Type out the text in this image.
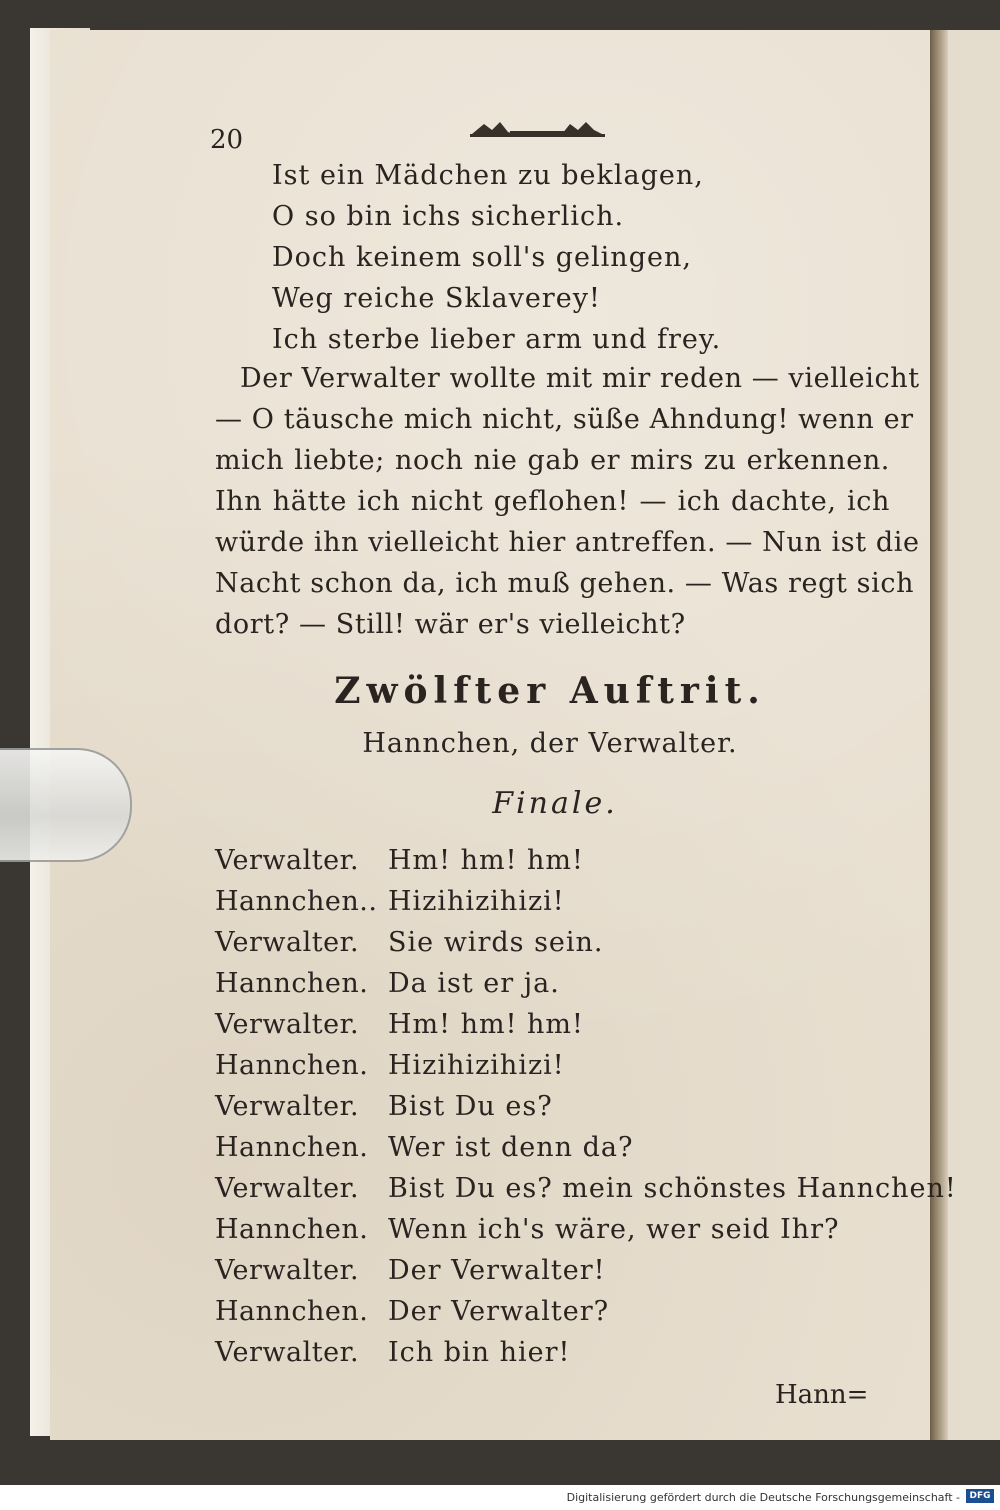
20
Ist ein Mädchen zu beklagen,
O so bin ichs sicherlich.
Doch keinem soll's gelingen,
Weg reiche Sklaverey!
Ich sterbe lieber arm und frey.
Der Verwalter wollte mit mir reden — vielleicht
— O täusche mich nicht, süße Ahndung! wenn er
mich liebte; noch nie gab er mirs zu erkennen.
Ihn hätte ich nicht geflohen! — ich dachte, ich
würde ihn vielleicht hier antreffen. — Nun ist die
Nacht schon da, ich muß gehen. — Was regt sich
dort? — Still! wär er's vielleicht?
Zwölfter Auftrit.
Hannchen, der Verwalter.
Finale.
Verwalter. Hm! hm! hm!
Hannchen.. Hizihizihizi!
Verwalter. Sie wirds sein.
Hannchen. Da ist er ja.
Verwalter. Hm! hm! hm!
Hannchen. Hizihizihizi!
Verwalter. Bist Du es?
Hannchen. Wer ist denn da?
Verwalter. Bist Du es? mein schönstes Hannchen!
Hannchen. Wenn ich's wäre, wer seid Ihr?
Verwalter. Der Verwalter!
Hannchen. Der Verwalter?
Verwalter. Ich bin hier!
Hann=
Digitalisierung gefördert durch die Deutsche Forschungsgemeinschaft -	DFG
